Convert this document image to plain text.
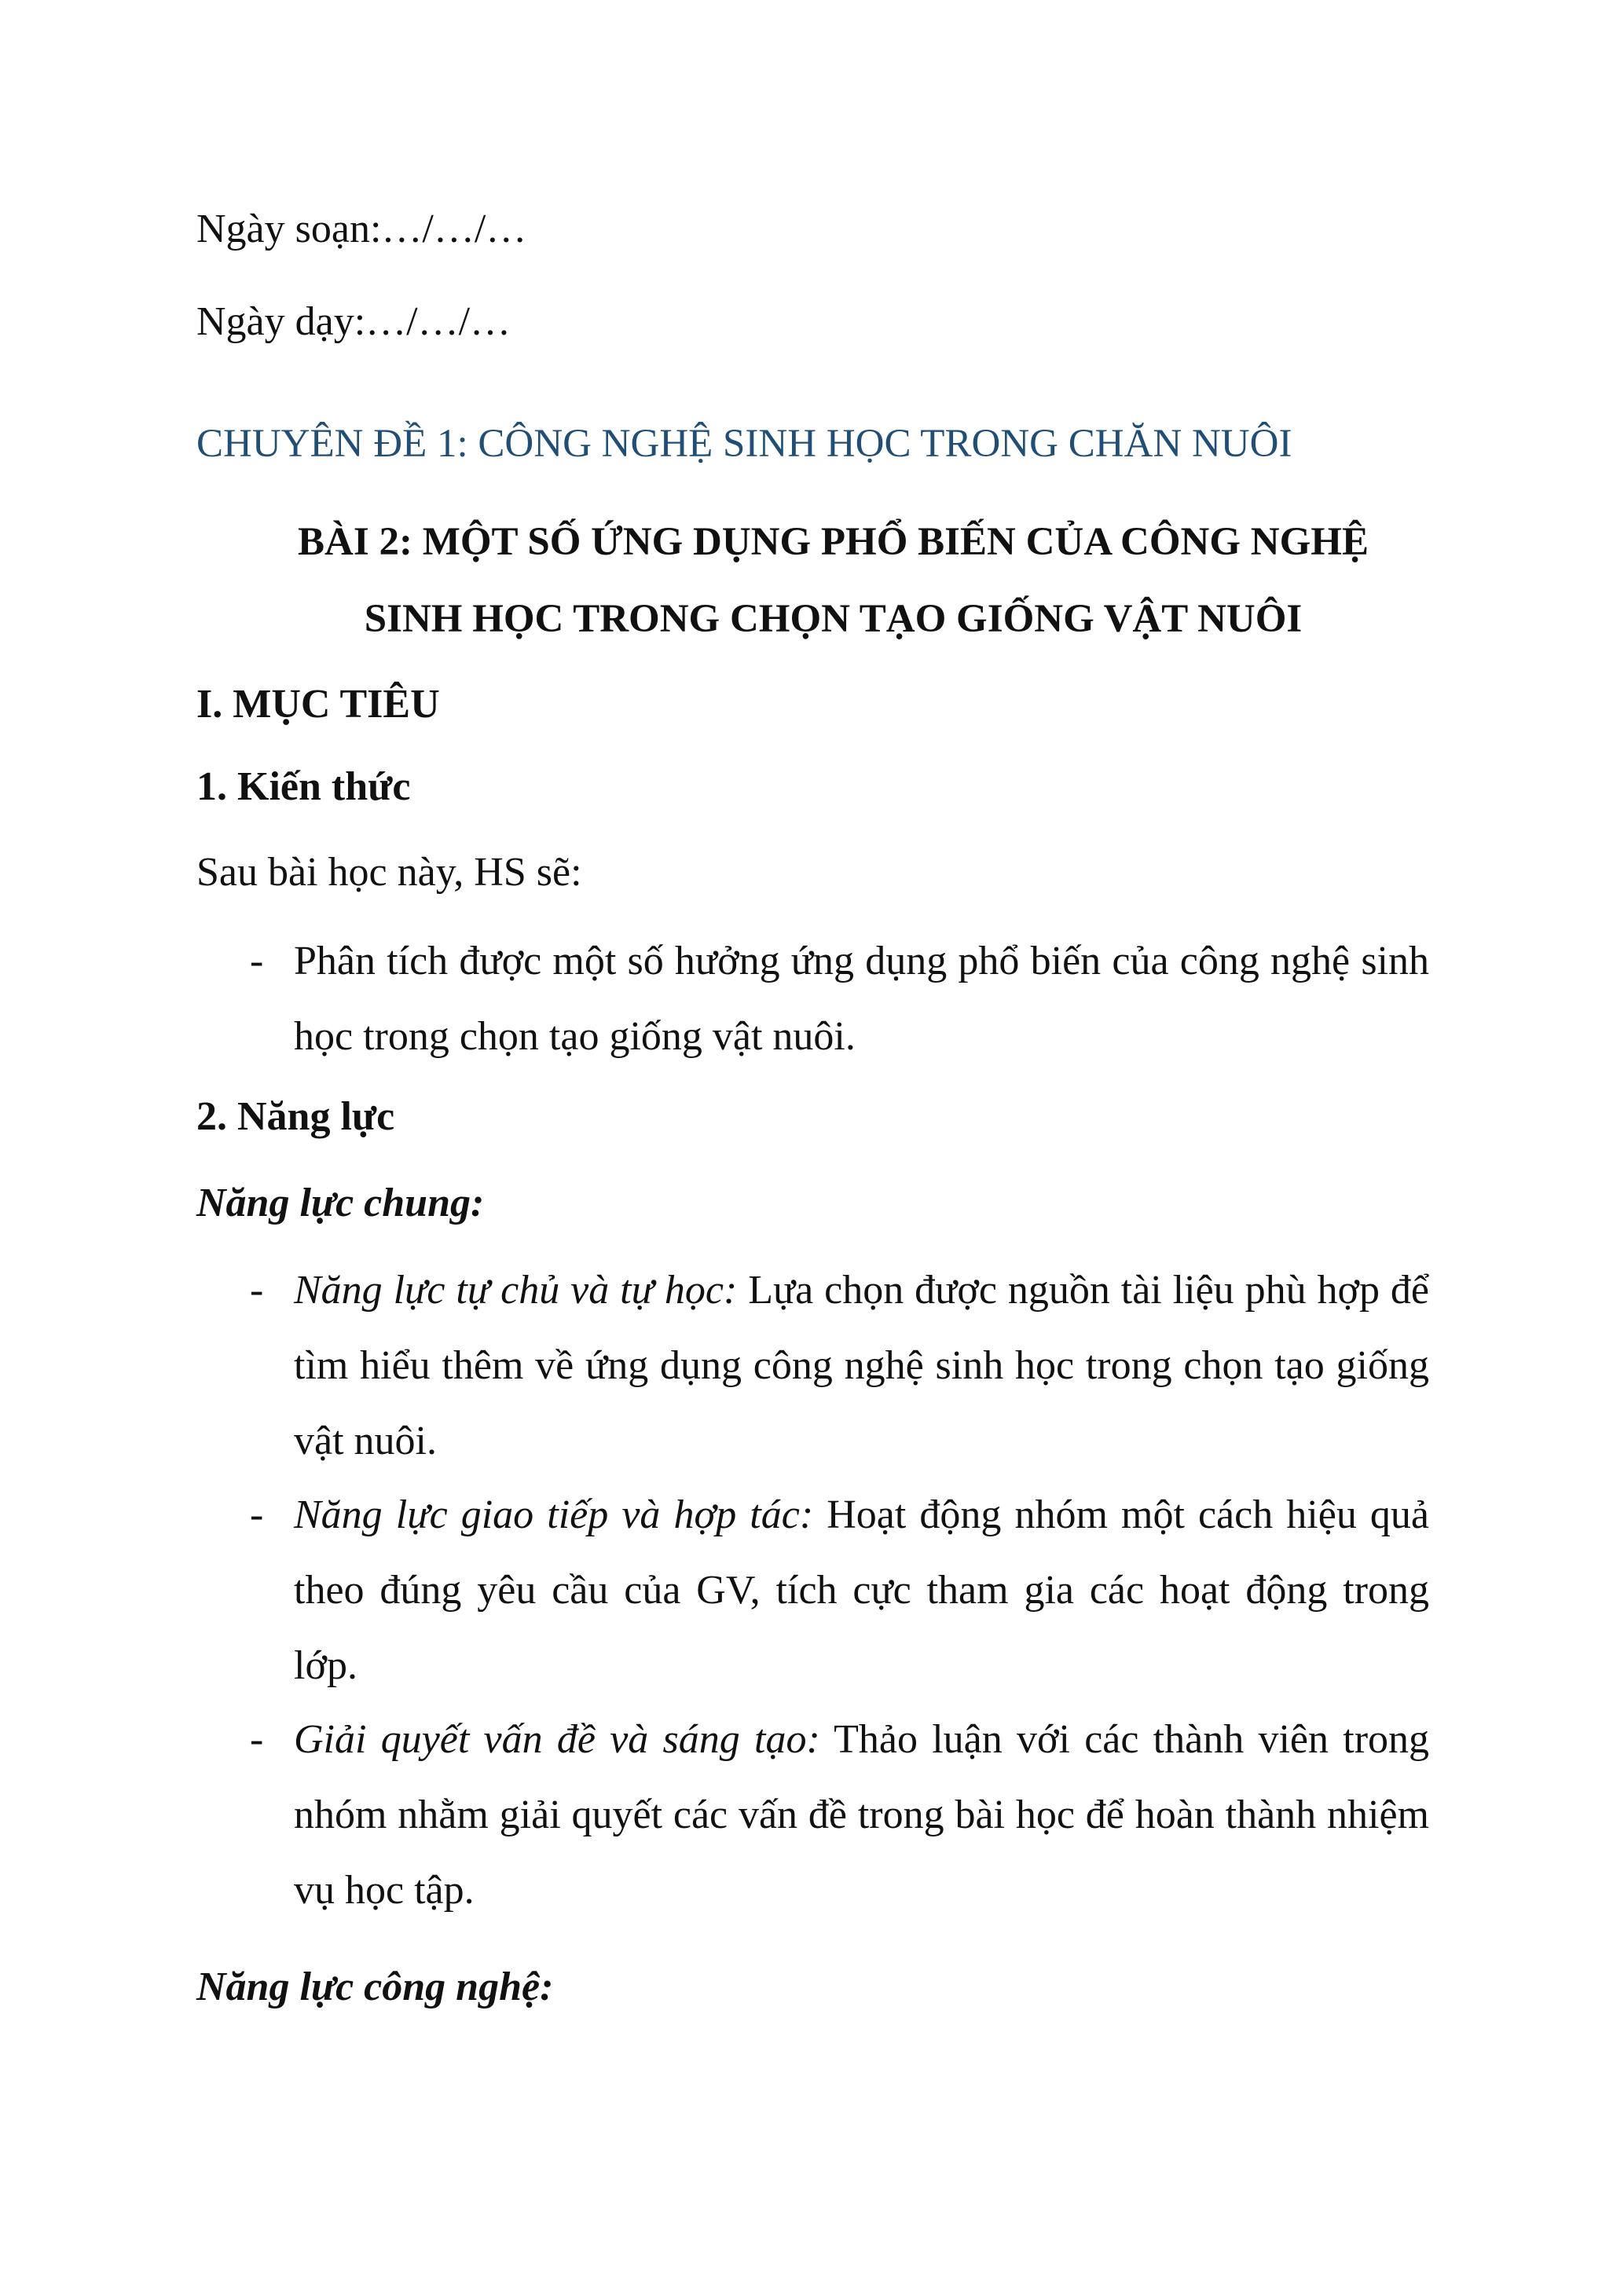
Ngày soạn:…/…/…
Ngày dạy:…/…/…
CHUYÊN ĐỀ 1: CÔNG NGHỆ SINH HỌC TRONG CHĂN NUÔI
BÀI 2: MỘT SỐ ỨNG DỤNG PHỔ BIẾN CỦA CÔNG NGHỆ
SINH HỌC TRONG CHỌN TẠO GIỐNG VẬT NUÔI
I. MỤC TIÊU
1. Kiến thức
Sau bài học này, HS sẽ:
- Phân tích được một số hưởng ứng dụng phổ biến của công nghệ sinh học trong chọn tạo giống vật nuôi.
2. Năng lực
Năng lực chung:
- Năng lực tự chủ và tự học: Lựa chọn được nguồn tài liệu phù hợp để tìm hiểu thêm về ứng dụng công nghệ sinh học trong chọn tạo giống vật nuôi.
- Năng lực giao tiếp và hợp tác: Hoạt động nhóm một cách hiệu quả theo đúng yêu cầu của GV, tích cực tham gia các hoạt động trong lớp.
- Giải quyết vấn đề và sáng tạo: Thảo luận với các thành viên trong nhóm nhằm giải quyết các vấn đề trong bài học để hoàn thành nhiệm vụ học tập.
Năng lực công nghệ:
